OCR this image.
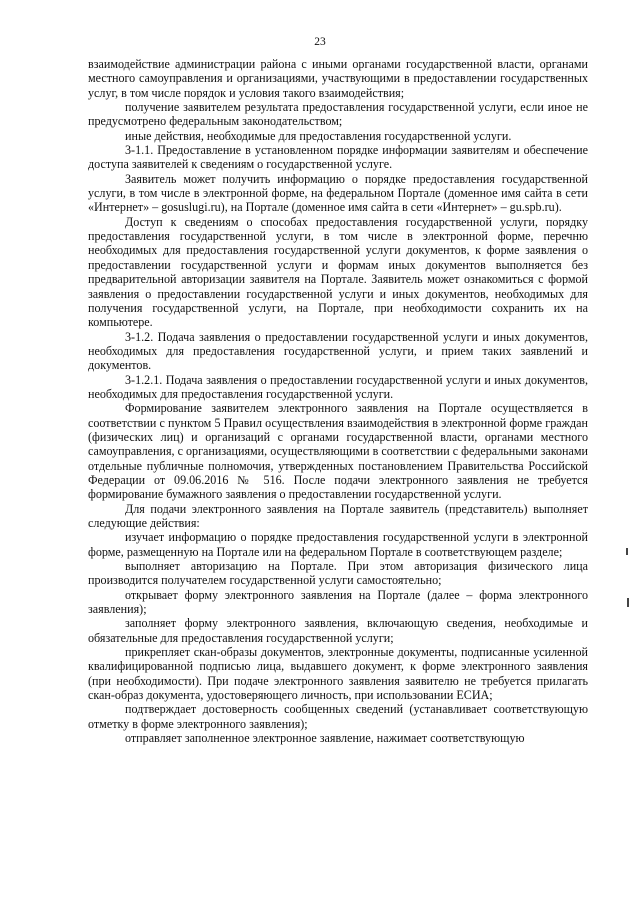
23

взаимодействие администрации района с иными органами государственной власти, органами местного самоуправления и организациями, участвующими в предоставлении государственных услуг, в том числе порядок и условия такого взаимодействия;

получение заявителем результата предоставления государственной услуги, если иное не предусмотрено федеральным законодательством;

иные действия, необходимые для предоставления государственной услуги.

3-1.1. Предоставление в установленном порядке информации заявителям и обеспечение доступа заявителей к сведениям о государственной услуге.

Заявитель может получить информацию о порядке предоставления государственной услуги, в том числе в электронной форме, на федеральном Портале (доменное имя сайта в сети «Интернет» – gosuslugi.ru), на Портале (доменное имя сайта в сети «Интернет» – gu.spb.ru).

Доступ к сведениям о способах предоставления государственной услуги, порядку предоставления государственной услуги, в том числе в электронной форме, перечню необходимых для предоставления государственной услуги документов, к форме заявления о предоставлении государственной услуги и формам иных документов выполняется без предварительной авторизации заявителя на Портале. Заявитель может ознакомиться с формой заявления о предоставлении государственной услуги и иных документов, необходимых для получения государственной услуги, на Портале, при необходимости сохранить их на компьютере.

3-1.2. Подача заявления о предоставлении государственной услуги и иных документов, необходимых для предоставления государственной услуги, и прием таких заявлений и документов.

3-1.2.1. Подача заявления о предоставлении государственной услуги и иных документов, необходимых для предоставления государственной услуги.

Формирование заявителем электронного заявления на Портале осуществляется в соответствии с пунктом 5 Правил осуществления взаимодействия в электронной форме граждан (физических лиц) и организаций с органами государственной власти, органами местного самоуправления, с организациями, осуществляющими в соответствии с федеральными законами отдельные публичные полномочия, утвержденных постановлением Правительства Российской Федерации от 09.06.2016 № 516. После подачи электронного заявления не требуется формирование бумажного заявления о предоставлении государственной услуги.

Для подачи электронного заявления на Портале заявитель (представитель) выполняет следующие действия:

изучает информацию о порядке предоставления государственной услуги в электронной форме, размещенную на Портале или на федеральном Портале в соответствующем разделе;

выполняет авторизацию на Портале. При этом авторизация физического лица производится получателем государственной услуги самостоятельно;

открывает форму электронного заявления на Портале (далее – форма электронного заявления);

заполняет форму электронного заявления, включающую сведения, необходимые и обязательные для предоставления государственной услуги;

прикрепляет скан-образы документов, электронные документы, подписанные усиленной квалифицированной подписью лица, выдавшего документ, к форме электронного заявления (при необходимости). При подаче электронного заявления заявителю не требуется прилагать скан-образ документа, удостоверяющего личность, при использовании ЕСИА;

подтверждает достоверность сообщенных сведений (устанавливает соответствующую отметку в форме электронного заявления);

отправляет заполненное электронное заявление, нажимает соответствующую
